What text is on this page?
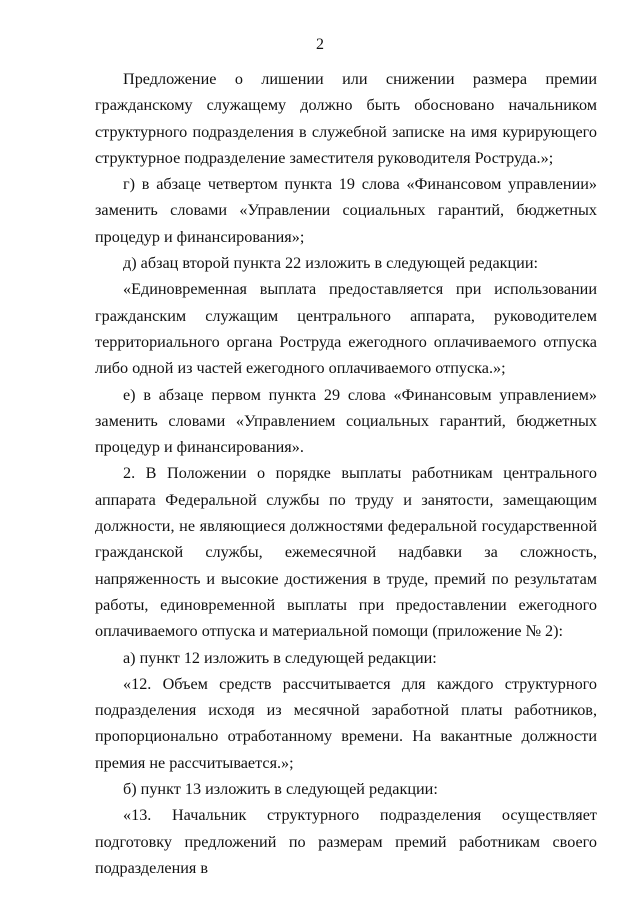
2

Предложение о лишении или снижении размера премии гражданскому служащему должно быть обосновано начальником структурного подразделения в служебной записке на имя курирующего структурное подразделение заместителя руководителя Роструда.»;

г) в абзаце четвертом пункта 19 слова «Финансовом управлении» заменить словами «Управлении социальных гарантий, бюджетных процедур и финансирования»;

д) абзац второй пункта 22 изложить в следующей редакции:

«Единовременная выплата предоставляется при использовании гражданским служащим центрального аппарата, руководителем территориального органа Роструда ежегодного оплачиваемого отпуска либо одной из частей ежегодного оплачиваемого отпуска.»;

е) в абзаце первом пункта 29 слова «Финансовым управлением» заменить словами «Управлением социальных гарантий, бюджетных процедур и финансирования».

2. В Положении о порядке выплаты работникам центрального аппарата Федеральной службы по труду и занятости, замещающим должности, не являющиеся должностями федеральной государственной гражданской службы, ежемесячной надбавки за сложность, напряженность и высокие достижения в труде, премий по результатам работы, единовременной выплаты при предоставлении ежегодного оплачиваемого отпуска и материальной помощи (приложение № 2):

а) пункт 12 изложить в следующей редакции:

«12. Объем средств рассчитывается для каждого структурного подразделения исходя из месячной заработной платы работников, пропорционально отработанному времени. На вакантные должности премия не рассчитывается.»;

б) пункт 13 изложить в следующей редакции:

«13. Начальник структурного подразделения осуществляет подготовку предложений по размерам премий работникам своего подразделения в
